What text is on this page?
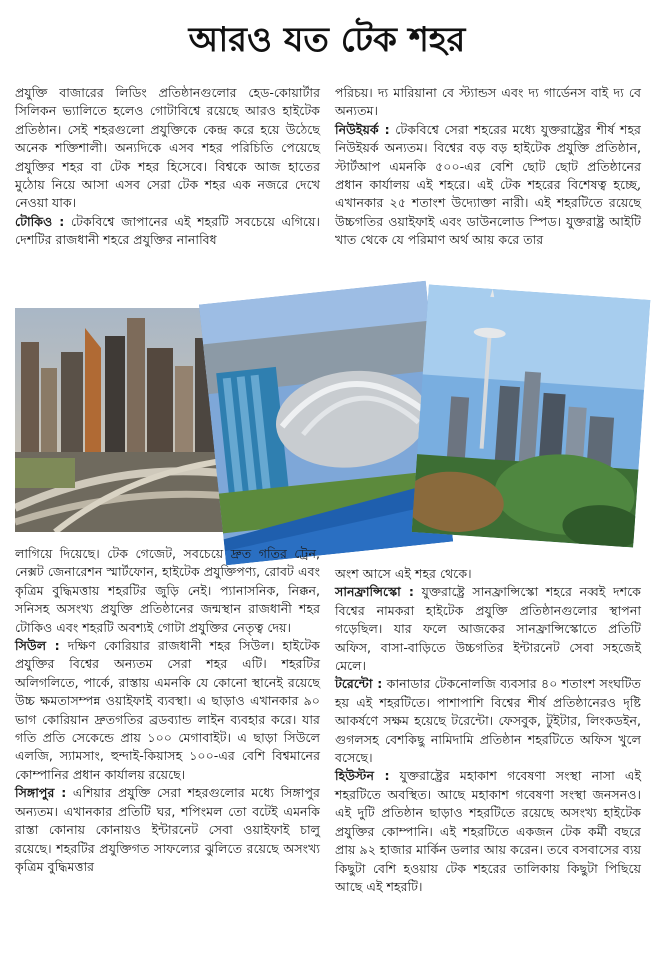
আরও যত টেক শহর

প্রযুক্তি বাজারের লিডিং প্রতিষ্ঠানগুলোর হেড-কোয়ার্টার সিলিকন ভ্যালিতে হলেও গোটাবিশ্বে রয়েছে আরও হাইটেক প্রতিষ্ঠান। সেই শহরগুলো প্রযুক্তিকে কেন্দ্র করে হয়ে উঠেছে অনেক শক্তিশালী। অন্যদিকে এসব শহর পরিচিতি পেয়েছে প্রযুক্তির শহর বা টেক শহর হিসেবে। বিশ্বকে আজ হাতের মুঠোয় নিয়ে আসা এসব সেরা টেক শহর এক নজরে দেখে নেওয়া যাক।

টোকিও : টেকবিশ্বে জাপানের এই শহরটি সবচেয়ে এগিয়ে। দেশটির রাজধানী শহরে প্রযুক্তির নানাবিধ

পরিচয়। দ্য মারিয়ানা বে স্ট্যান্ডস এবং দ্য গার্ডেনস বাই দ্য বে অন্যতম।

নিউইয়র্ক : টেকবিশ্বে সেরা শহরের মধ্যে যুক্তরাষ্ট্রের শীর্ষ শহর নিউইয়র্ক অন্যতম। বিশ্বের বড় বড় হাইটেক প্রযুক্তি প্রতিষ্ঠান, স্টার্টআপ এমনকি ৫০০-এর বেশি ছোট ছোট প্রতিষ্ঠানের প্রধান কার্যালয় এই শহরে। এই টেক শহরের বিশেষত্ব হচ্ছে, এখানকার ২৫ শতাংশ উদ্যোক্তা নারী। এই শহরটিতে রয়েছে উচ্চগতির ওয়াইফাই এবং ডাউনলোড স্পিড। যুক্তরাষ্ট্র আইটি খাত থেকে যে পরিমাণ অর্থ আয় করে তার

লাগিয়ে দিয়েছে। টেক গেজেট, সবচেয়ে দ্রুত গতির ট্রেন, নেক্সট জেনারেশন স্মার্টফোন, হাইটেক প্রযুক্তিপণ্য, রোবট এবং কৃত্রিম বুদ্ধিমত্তায় শহরটির জুড়ি নেই। প্যানাসনিক, নিক্কন, সনিসহ অসংখ্য প্রযুক্তি প্রতিষ্ঠানের জন্মস্থান রাজধানী শহর টোকিও এবং শহরটি অবশ্যই গোটা প্রযুক্তির নেতৃত্ব দেয়।

সিউল : দক্ষিণ কোরিয়ার রাজধানী শহর সিউল। হাইটেক প্রযুক্তির বিশ্বের অন্যতম সেরা শহর এটি। শহরটির অলিগলিতে, পার্কে, রাস্তায় এমনকি যে কোনো স্থানেই রয়েছে উচ্চ ক্ষমতাসম্পন্ন ওয়াইফাই ব্যবস্থা। এ ছাড়াও এখানকার ৯০ ভাগ কোরিয়ান দ্রুতগতির ব্রডব্যান্ড লাইন ব্যবহার করে। যার গতি প্রতি সেকেন্ডে প্রায় ১০০ মেগাবাইট। এ ছাড়া সিউলে এলজি, স্যামসাং, হুন্দাই-কিয়াসহ ১০০-এর বেশি বিশ্বমানের কোম্পানির প্রধান কার্যালয় রয়েছে।

সিঙ্গাপুর : এশিয়ার প্রযুক্তি সেরা শহরগুলোর মধ্যে সিঙ্গাপুর অন্যতম। এখানকার প্রতিটি ঘর, শপিংমল তো বটেই এমনকি রাস্তা কোনায় কোনায়ও ইন্টারনেট সেবা ওয়াইফাই চালু রয়েছে। শহরটির প্রযুক্তিগত সাফল্যের ঝুলিতে রয়েছে অসংখ্য কৃত্রিম বুদ্ধিমত্তার

অংশ আসে এই শহর থেকে।

সানফ্রান্সিস্কো : যুক্তরাষ্ট্রে সানফ্রান্সিস্কো শহরে নব্বই দশকে বিশ্বের নামকরা হাইটেক প্রযুক্তি প্রতিষ্ঠানগুলোর স্থাপনা গড়েছিল। যার ফলে আজকের সানফ্রান্সিস্কোতে প্রতিটি অফিস, বাসা-বাড়িতে উচ্চগতির ইন্টারনেট সেবা সহজেই মেলে।

টরেন্টো : কানাডার টেকনোলজি ব্যবসার ৪০ শতাংশ সংঘটিত হয় এই শহরটিতে। পাশাপাশি বিশ্বের শীর্ষ প্রতিষ্ঠানেরও দৃষ্টি আকর্ষণে সক্ষম হয়েছে টরেন্টো। ফেসবুক, টুইটার, লিংকডইন, গুগলসহ বেশকিছু নামিদামি প্রতিষ্ঠান শহরটিতে অফিস খুলে বসেছে।

হিউস্টন : যুক্তরাষ্ট্রের মহাকাশ গবেষণা সংস্থা নাসা এই শহরটিতে অবস্থিত। আছে মহাকাশ গবেষণা সংস্থা জনসনও। এই দুটি প্রতিষ্ঠান ছাড়াও শহরটিতে রয়েছে অসংখ্য হাইটেক প্রযুক্তির কোম্পানি। এই শহরটিতে একজন টেক কর্মী বছরে প্রায় ৯২ হাজার মার্কিন ডলার আয় করেন। তবে বসবাসের ব্যয় কিছুটা বেশি হওয়ায় টেক শহরের তালিকায় কিছুটা পিছিয়ে আছে এই শহরটি।
